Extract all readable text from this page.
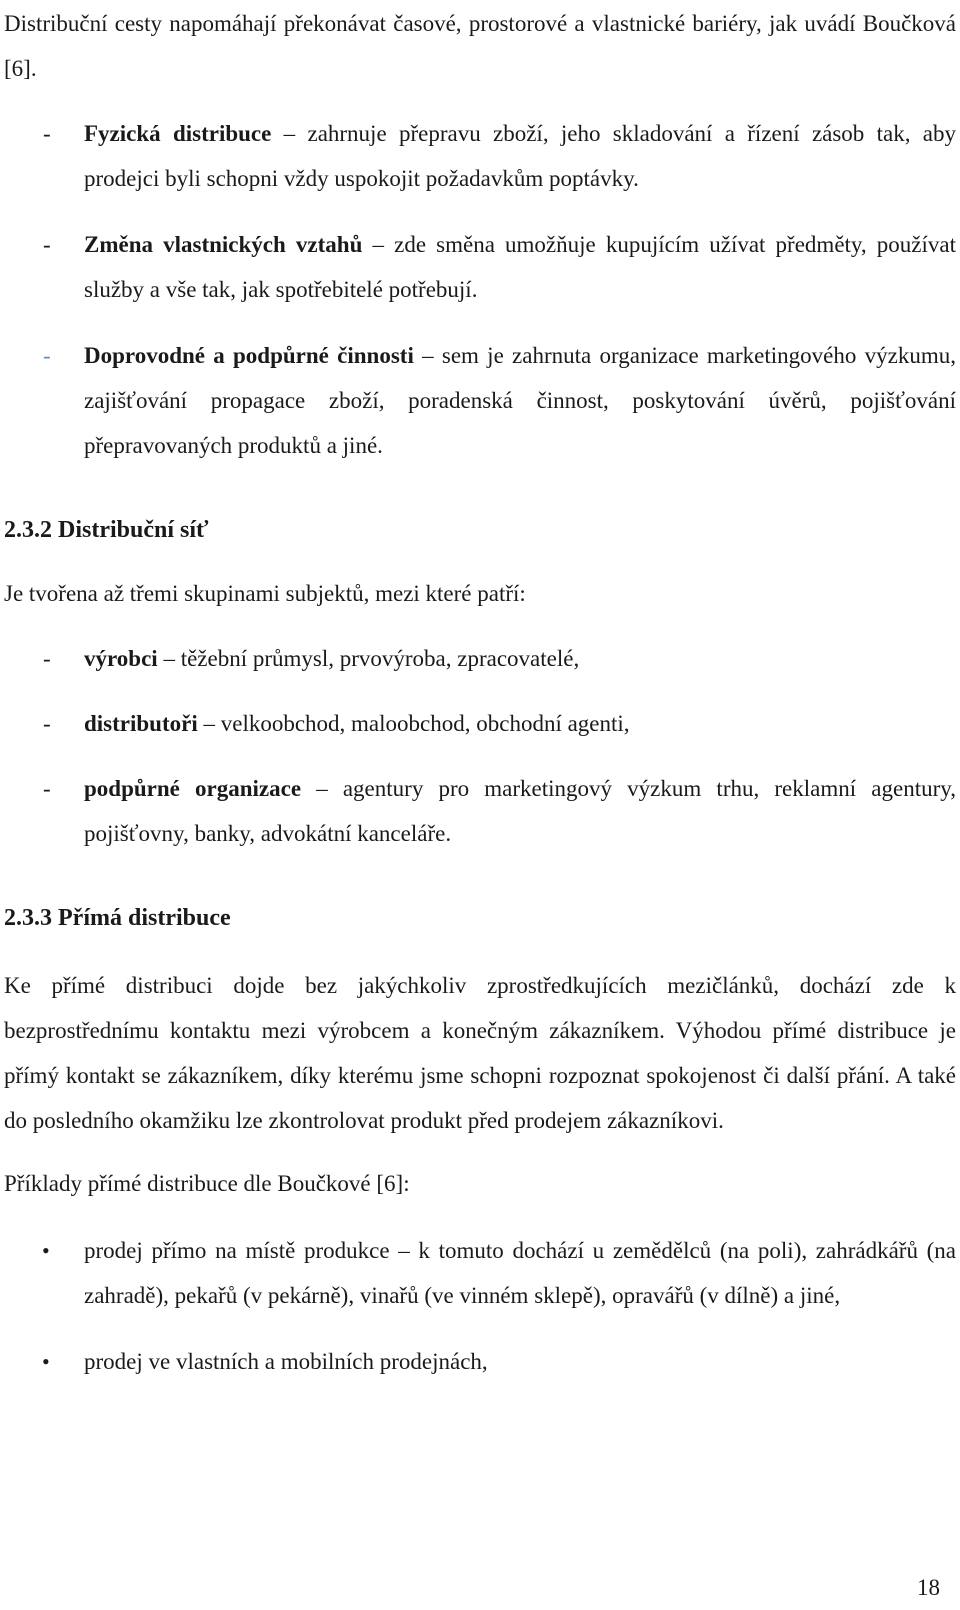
Distribuční cesty napomáhají překonávat časové, prostorové a vlastnické bariéry, jak uvádí Boučková [6].

- Fyzická distribuce – zahrnuje přepravu zboží, jeho skladování a řízení zásob tak, aby prodejci byli schopni vždy uspokojit požadavkům poptávky.

- Změna vlastnických vztahů – zde směna umožňuje kupujícím užívat předměty, používat služby a vše tak, jak spotřebitelé potřebují.

- Doprovodné a podpůrné činnosti – sem je zahrnuta organizace marketingového výzkumu, zajišťování propagace zboží, poradenská činnost, poskytování úvěrů, pojišťování přepravovaných produktů a jiné.

2.3.2 Distribuční síť

Je tvořena až třemi skupinami subjektů, mezi které patří:

- výrobci – těžební průmysl, prvovýroba, zpracovatelé,

- distributoři – velkoobchod, maloobchod, obchodní agenti,

- podpůrné organizace – agentury pro marketingový výzkum trhu, reklamní agentury, pojišťovny, banky, advokátní kanceláře.

2.3.3 Přímá distribuce

Ke přímé distribuci dojde bez jakýchkoliv zprostředkujících mezičlánků, dochází zde k bezprostřednímu kontaktu mezi výrobcem a konečným zákazníkem. Výhodou přímé distribuce je přímý kontakt se zákazníkem, díky kterému jsme schopni rozpoznat spokojenost či další přání. A také do posledního okamžiku lze zkontrolovat produkt před prodejem zákazníkovi.

Příklady přímé distribuce dle Boučkové [6]:

• prodej přímo na místě produkce – k tomuto dochází u zemědělců (na poli), zahrádkářů (na zahradě), pekařů (v pekárně), vinařů (ve vinném sklepě), opravářů (v dílně) a jiné,

• prodej ve vlastních a mobilních prodejnách,

18
